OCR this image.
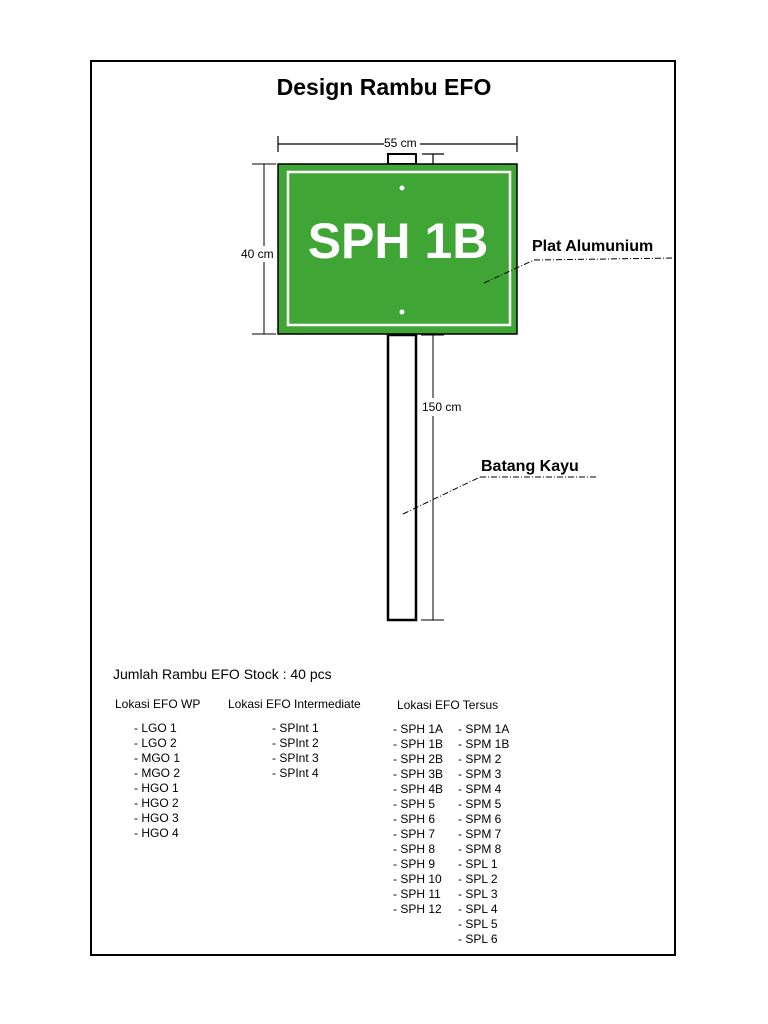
Design Rambu EFO
55 cm
40 cm
150 cm
SPH 1B	Plat Alumunium
Batang Kayu
Jumlah Rambu EFO Stock : 40 pcs
Lokasi EFO WP Lokasi EFO Intermediate	Lokasi EFO Tersus
- LGO 1
- LGO 2
- MGO 1
- MGO 2
- HGO 1
- HGO 2
- HGO 3
- HGO 4
- SPInt 1
- SPInt 2
- SPInt 3
- SPInt 4
- SPH 1A
- SPH 1B
- SPH 2B
- SPH 3B
- SPH 4B
- SPH 5
- SPH 6
- SPH 7
- SPH 8
- SPH 9
- SPH 10
- SPH 11
- SPH 12
- SPM 1A
- SPM 1B
- SPM 2
- SPM 3
- SPM 4
- SPM 5
- SPM 6
- SPM 7
- SPM 8
- SPL 1
- SPL 2
- SPL 3
- SPL 4
- SPL 5
- SPL 6
